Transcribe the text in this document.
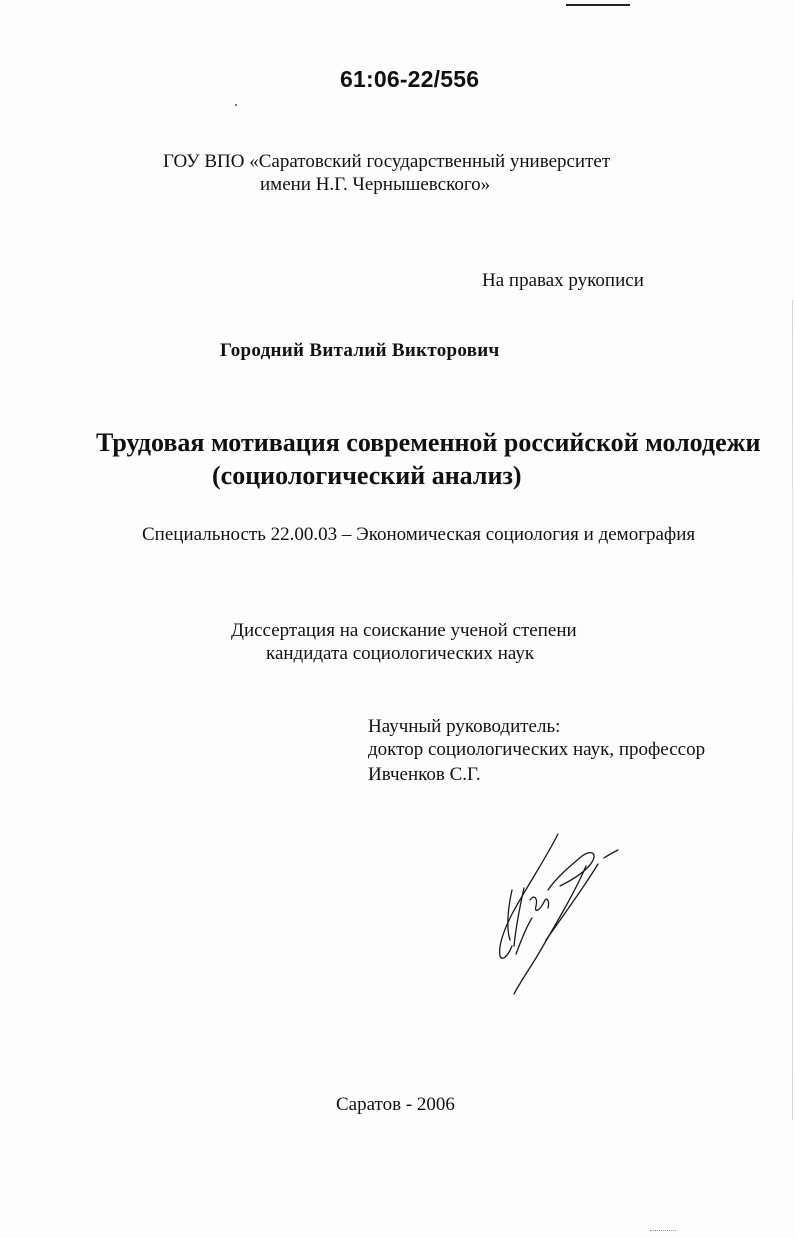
61:06-22/556
ГОУ ВПО «Саратовский государственный университет
имени Н.Г. Чернышевского»
На правах рукописи
Городний Виталий Викторович
Трудовая мотивация современной российской молодежи
(социологический анализ)
Специальность 22.00.03 – Экономическая социология и демография
Диссертация на соискание ученой степени
кандидата социологических наук
Научный руководитель:
доктор социологических наук, профессор
Ивченков С.Г.
Саратов - 2006
